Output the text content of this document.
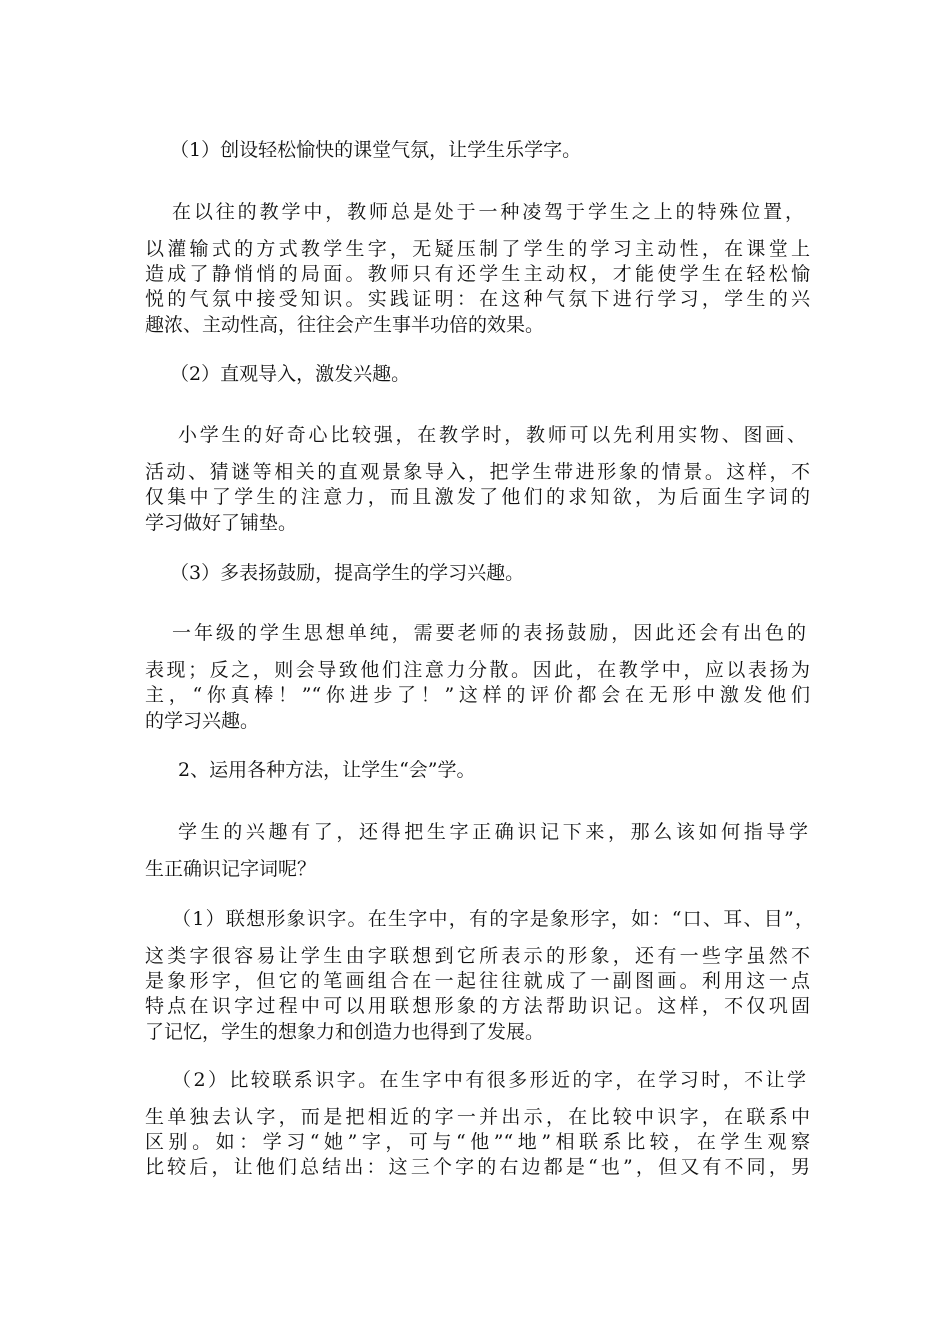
（1）创设轻松愉快的课堂气氛，让学生乐学字。
在以往的教学中，教师总是处于一种凌驾于学生之上的特殊位置，
以灌输式的方式教学生字，无疑压制了学生的学习主动性，在课堂上
造成了静悄悄的局面。教师只有还学生主动权，才能使学生在轻松愉
悦的气氛中接受知识。实践证明：在这种气氛下进行学习，学生的兴
趣浓、主动性高，往往会产生事半功倍的效果。
（2）直观导入，激发兴趣。
小学生的好奇心比较强，在教学时，教师可以先利用实物、图画、
活动、猜谜等相关的直观景象导入，把学生带进形象的情景。这样，不
仅集中了学生的注意力，而且激发了他们的求知欲，为后面生字词的
学习做好了铺垫。
（3）多表扬鼓励，提高学生的学习兴趣。
一年级的学生思想单纯，需要老师的表扬鼓励，因此还会有出色的
表现；反之，则会导致他们注意力分散。因此，在教学中，应以表扬为
主，“你真棒！”“你进步了！”这样的评价都会在无形中激发他们
的学习兴趣。
2、运用各种方法，让学生“会”学。
学生的兴趣有了，还得把生字正确识记下来，那么该如何指导学
生正确识记字词呢？
（1）联想形象识字。在生字中，有的字是象形字，如：“口、耳、目”，
这类字很容易让学生由字联想到它所表示的形象，还有一些字虽然不
是象形字，但它的笔画组合在一起往往就成了一副图画。利用这一点
特点在识字过程中可以用联想形象的方法帮助识记。这样，不仅巩固
了记忆，学生的想象力和创造力也得到了发展。
（2）比较联系识字。在生字中有很多形近的字，在学习时，不让学
生单独去认字，而是把相近的字一并出示，在比较中识字，在联系中
区别。如：学习“她”字，可与“他”“地”相联系比较，在学生观察
比较后，让他们总结出：这三个字的右边都是“也”，但又有不同，男
